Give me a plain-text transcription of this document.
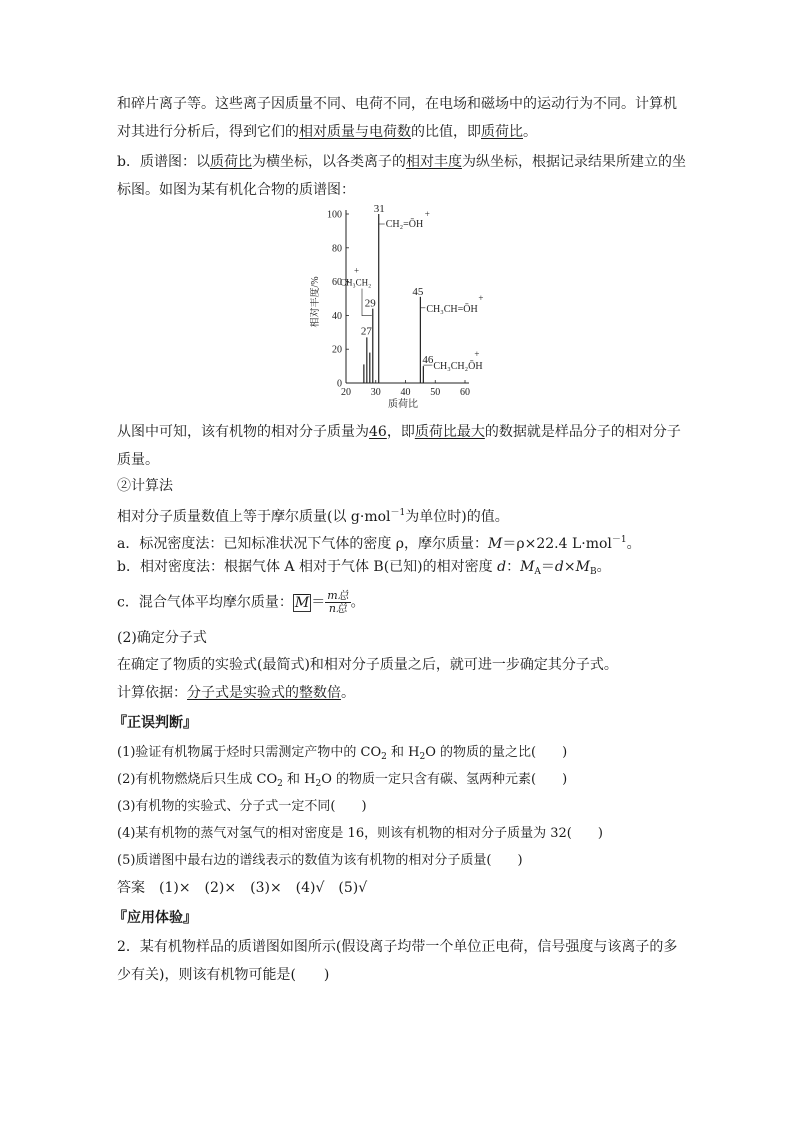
和碎片离子等。这些离子因质量不同、电荷不同，在电场和磁场中的运动行为不同。计算机
对其进行分析后，得到它们的相对质量与电荷数的比值，即质荷比。
b．质谱图：以质荷比为横坐标，以各类离子的相对丰度为纵坐标，根据记录结果所建立的坐
标图。如图为某有机化合物的质谱图：
0
20
40
60
80
100
20 30 40 50 60
31
29
27
45
46
CH₂=ŌH
+
CH₃CH₂
+
CH₃CH=ŌH
+
CH₃CH₂ŌH
+
相对丰度/%
质荷比
从图中可知，该有机物的相对分子质量为46，即质荷比最大的数据就是样品分子的相对分子
质量。
②计算法
相对分子质量数值上等于摩尔质量(以 g·mol$^{-1}$为单位时)的值。
a．标况密度法：已知标准状况下气体的密度 ρ，摩尔质量：M＝ρ×22.4 L·mol$^{-1}$。
b．相对密度法：根据气体 A 相对于气体 B(已知)的相对密度 d：$M_A=d\times M_B$。
c．混合气体平均摩尔质量： $\overline{M} = \frac{\text{m总}}{\text{n总}}$ 。
(2)确定分子式
在确定了物质的实验式(最简式)和相对分子质量之后，就可进一步确定其分子式。
计算依据：分子式是实验式的整数倍。
『正误判断』
(1)验证有机物属于烃时只需测定产物中的 $CO_2$ 和 $H_2O$ 的物质的量之比(　　)
(2)有机物燃烧后只生成 $CO_2$ 和 $H_2O$ 的物质一定只含有碳、氢两种元素(　　)
(3)有机物的实验式、分子式一定不同(　　)
(4)某有机物的蒸气对氢气的相对密度是 16，则该有机物的相对分子质量为 32(　　)
(5)质谱图中最右边的谱线表示的数值为该有机物的相对分子质量(　　)
答案　(1)×　(2)×　(3)×　(4)√　(5)√
『应用体验』
2．某有机物样品的质谱图如图所示(假设离子均带一个单位正电荷，信号强度与该离子的多
少有关)，则该有机物可能是(　　)
